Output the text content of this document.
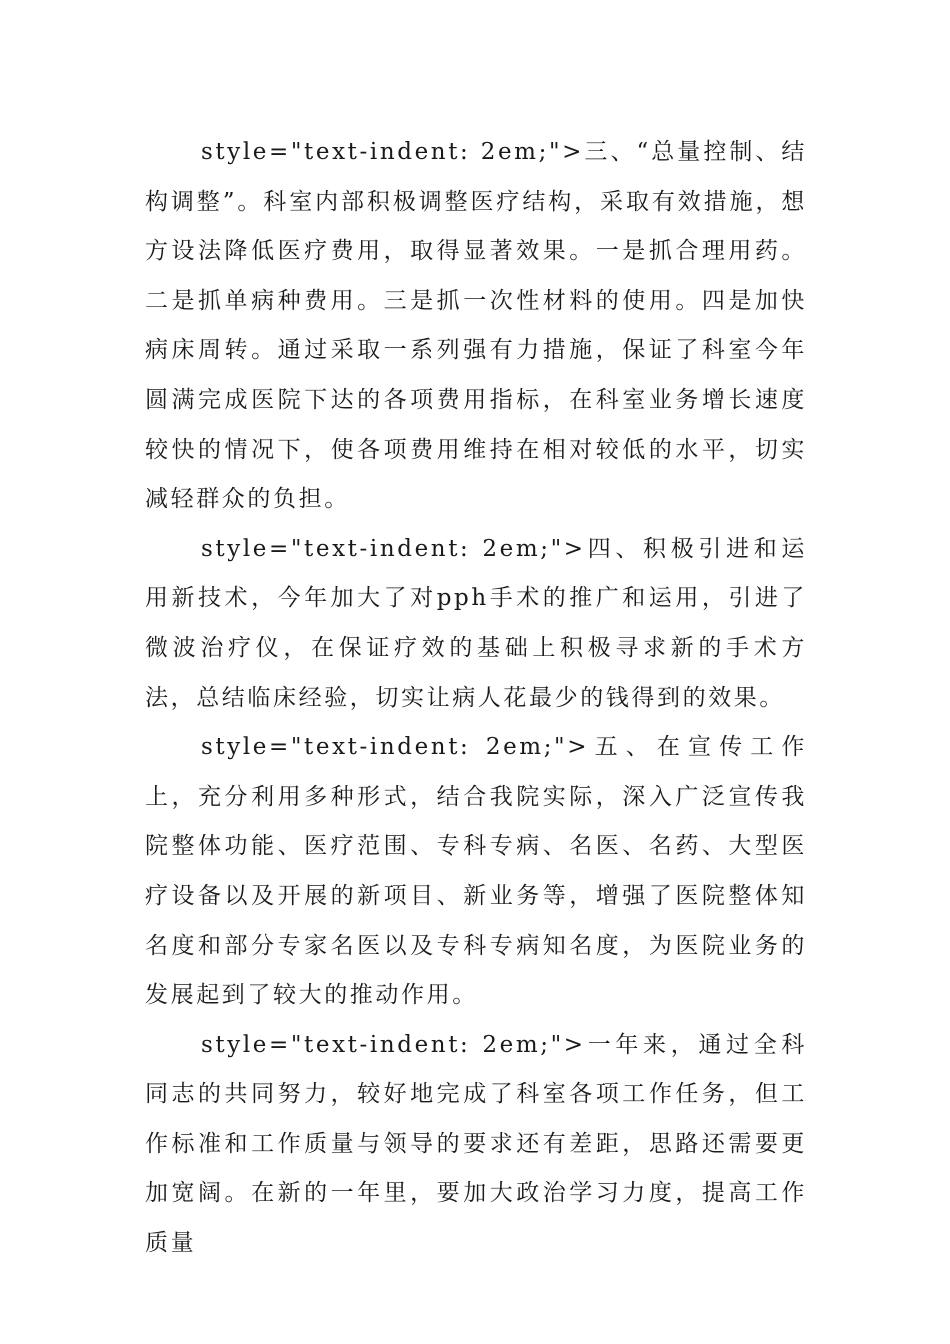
style="text-indent: 2em;">三、“总量控制、结构调整”。科室内部积极调整医疗结构，采取有效措施，想方设法降低医疗费用，取得显著效果。一是抓合理用药。二是抓单病种费用。三是抓一次性材料的使用。四是加快病床周转。通过采取一系列强有力措施，保证了科室今年圆满完成医院下达的各项费用指标，在科室业务增长速度较快的情况下，使各项费用维持在相对较低的水平，切实减轻群众的负担。

style="text-indent: 2em;">四、积极引进和运用新技术，今年加大了对pph手术的推广和运用，引进了微波治疗仪，在保证疗效的基础上积极寻求新的手术方法，总结临床经验，切实让病人花最少的钱得到的效果。

style="text-indent: 2em;">五、在宣传工作上，充分利用多种形式，结合我院实际，深入广泛宣传我院整体功能、医疗范围、专科专病、名医、名药、大型医疗设备以及开展的新项目、新业务等，增强了医院整体知名度和部分专家名医以及专科专病知名度，为医院业务的发展起到了较大的推动作用。

style="text-indent: 2em;">一年来，通过全科同志的共同努力，较好地完成了科室各项工作任务，但工作标准和工作质量与领导的要求还有差距，思路还需要更加宽阔。在新的一年里，要加大政治学习力度，提高工作质量
